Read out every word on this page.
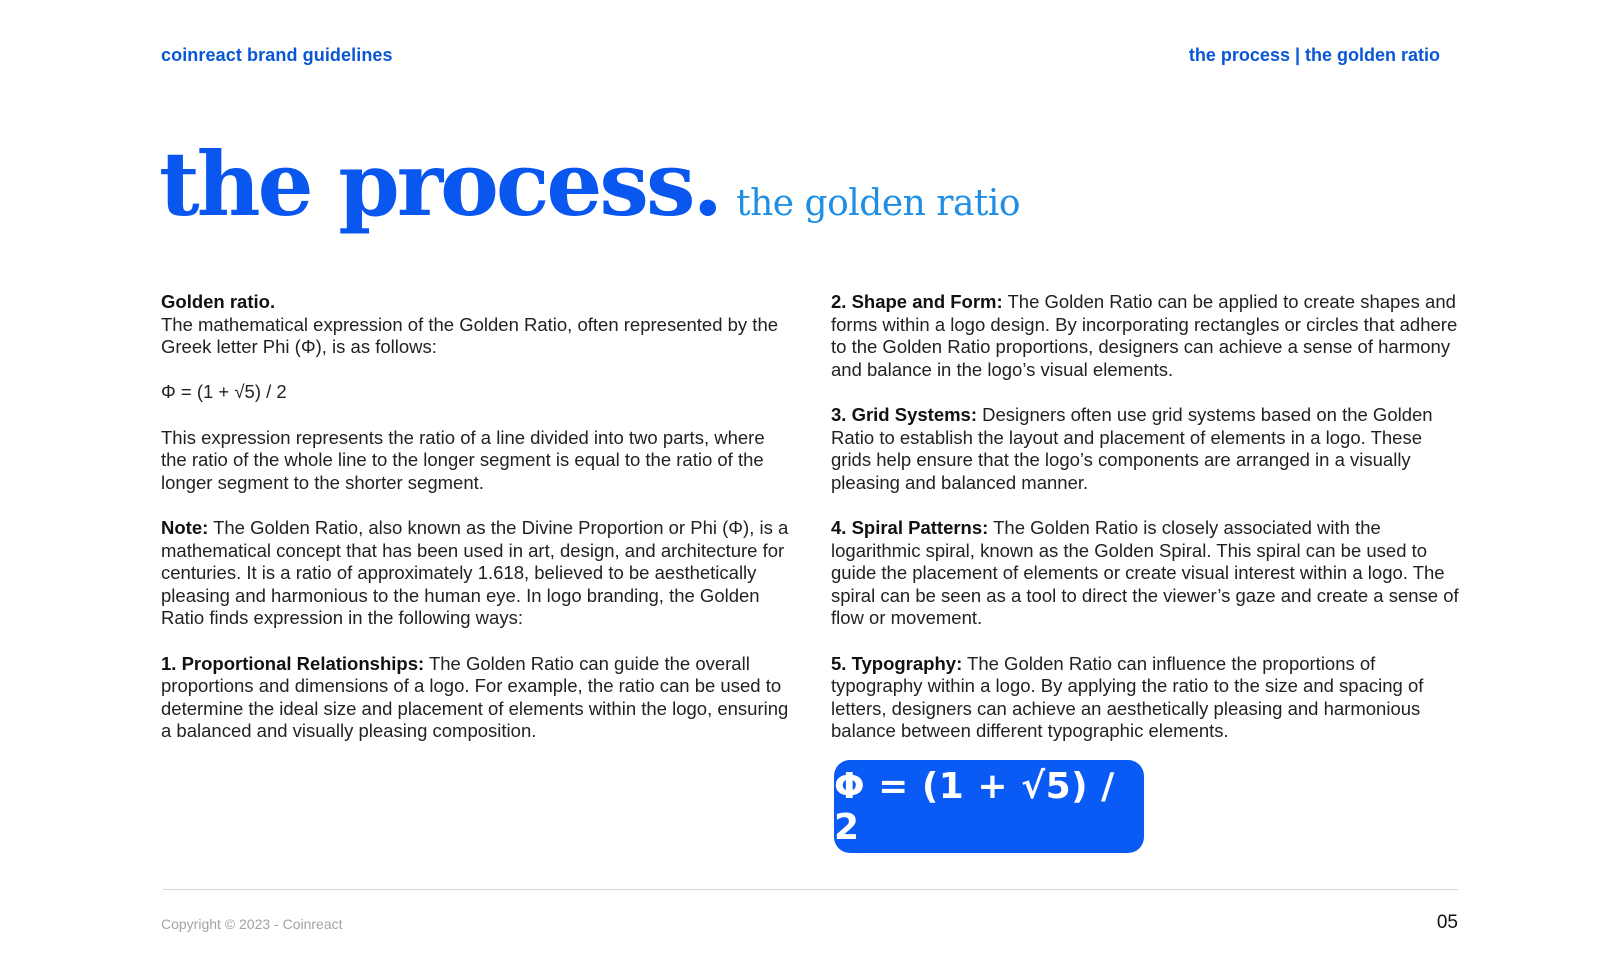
coinreact brand guidelines	the process | the golden ratio
the process. the golden ratio
Golden ratio.

The mathematical expression of the Golden Ratio, often represented by the Greek letter Phi (Φ), is as follows:

Φ = (1 + √5) / 2

This expression represents the ratio of a line divided into two parts, where the ratio of the whole line to the longer segment is equal to the ratio of the longer segment to the shorter segment.

Note: The Golden Ratio, also known as the Divine Proportion or Phi (Φ), is a mathematical concept that has been used in art, design, and architecture for centuries. It is a ratio of approximately 1.618, believed to be aesthetically pleasing and harmonious to the human eye. In logo branding, the Golden Ratio finds expression in the following ways:

1. Proportional Relationships: The Golden Ratio can guide the overall proportions and dimensions of a logo. For example, the ratio can be used to determine the ideal size and placement of elements within the logo, ensuring a balanced and visually pleasing composition.

2. Shape and Form: The Golden Ratio can be applied to create shapes and forms within a logo design. By incorporating rectangles or circles that adhere to the Golden Ratio proportions, designers can achieve a sense of harmony and balance in the logo’s visual elements.

3. Grid Systems: Designers often use grid systems based on the Golden Ratio to establish the layout and placement of elements in a logo. These grids help ensure that the logo’s components are arranged in a visually pleasing and balanced manner.

4. Spiral Patterns: The Golden Ratio is closely associated with the logarithmic spiral, known as the Golden Spiral. This spiral can be used to guide the placement of elements or create visual interest within a logo. The spiral can be seen as a tool to direct the viewer’s gaze and create a sense of flow or movement.

5. Typography: The Golden Ratio can influence the proportions of typography within a logo. By applying the ratio to the size and spacing of letters, designers can achieve an aesthetically pleasing and harmonious balance between different typographic elements.

Φ = (1 + √5) / 2
Copyright © 2023 - Coinreact	05
